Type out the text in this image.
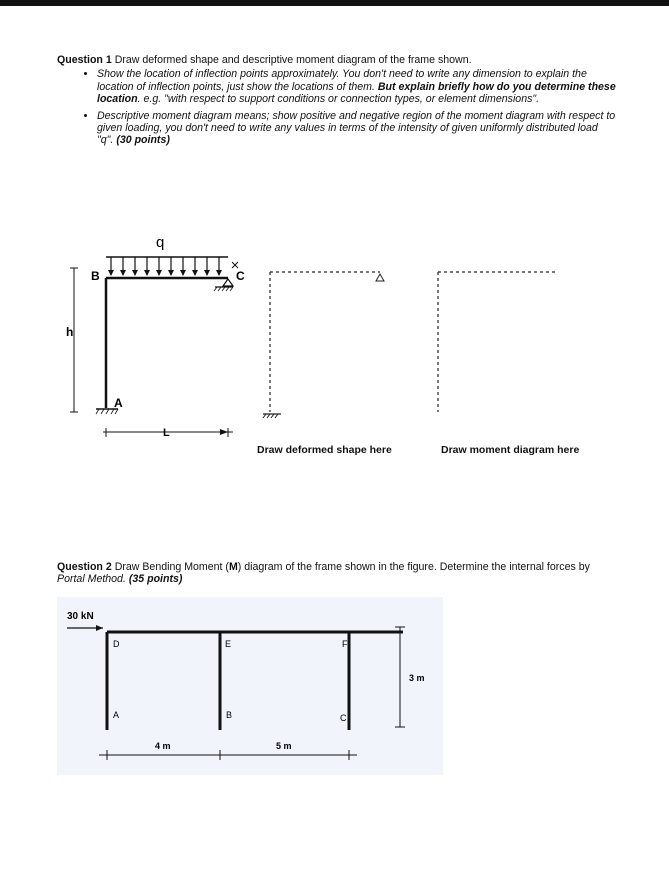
Question 1 Draw deformed shape and descriptive moment diagram of the frame shown.
• Show the location of inflection points approximately. You don't need to write any dimension to explain the location of inflection points, just show the locations of them. But explain briefly how do you determine these location. e.g. "with respect to support conditions or connection types, or element dimensions".
• Descriptive moment diagram means; show positive and negative region of the moment diagram with respect to given loading, you don't need to write any values in terms of the intensity of given uniformly distributed load "q". (30 points)
q
B	C
A
h
L
Draw deformed shape here	Draw moment diagram here
Question 2 Draw Bending Moment (M) diagram of the frame shown in the figure. Determine the internal forces by Portal Method. (35 points)
30 kN
D	E	F
A	B	C
3 m
4 m	5 m
